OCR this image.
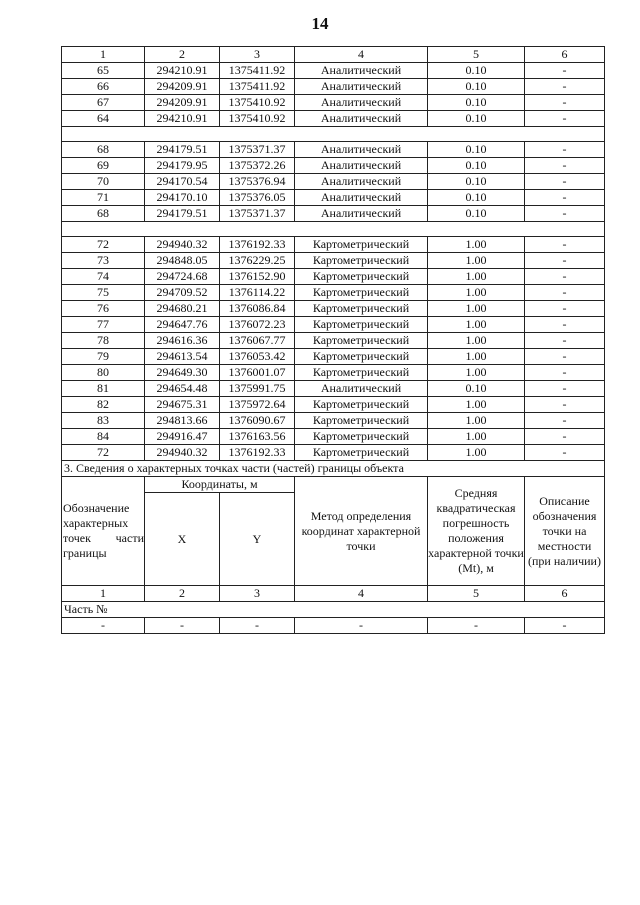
14
1	2	3	4	5	6
65	294210.91	1375411.92	Аналитический	0.10	-
66	294209.91	1375411.92	Аналитический	0.10	-
67	294209.91	1375410.92	Аналитический	0.10	-
64	294210.91	1375410.92	Аналитический	0.10	-

68	294179.51	1375371.37	Аналитический	0.10	-
69	294179.95	1375372.26	Аналитический	0.10	-
70	294170.54	1375376.94	Аналитический	0.10	-
71	294170.10	1375376.05	Аналитический	0.10	-
68	294179.51	1375371.37	Аналитический	0.10	-

72	294940.32	1376192.33	Картометрический	1.00	-
73	294848.05	1376229.25	Картометрический	1.00	-
74	294724.68	1376152.90	Картометрический	1.00	-
75	294709.52	1376114.22	Картометрический	1.00	-
76	294680.21	1376086.84	Картометрический	1.00	-
77	294647.76	1376072.23	Картометрический	1.00	-
78	294616.36	1376067.77	Картометрический	1.00	-
79	294613.54	1376053.42	Картометрический	1.00	-
80	294649.30	1376001.07	Картометрический	1.00	-
81	294654.48	1375991.75	Аналитический	0.10	-
82	294675.31	1375972.64	Картометрический	1.00	-
83	294813.66	1376090.67	Картометрический	1.00	-
84	294916.47	1376163.56	Картометрический	1.00	-
72	294940.32	1376192.33	Картометрический	1.00	-
3. Сведения о характерных точках части (частей) границы объекта					

Обозначение характерных точек части границы	Координаты, м		Метод определения координат характерной точки	Средняя квадратическая погрешность положения характерной точки (Mt), м	Описание обозначения точки на местности (при наличии)
	X	Y			
1	2	3	4	5	6
Часть №					
-	-	-	-	-	-
